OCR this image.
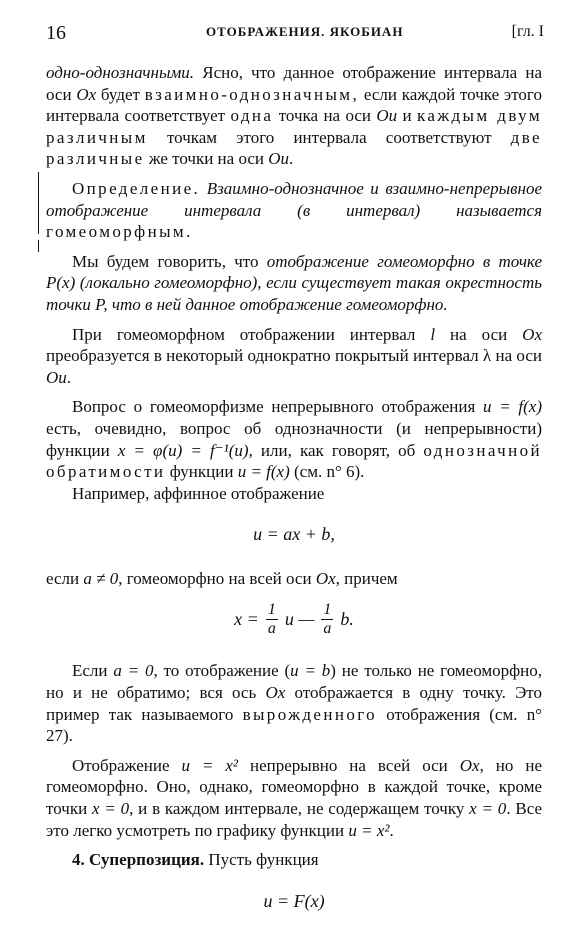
16	ОТОБРАЖЕНИЯ. ЯКОБИАН	[гл. I

одно-однозначными. Ясно, что данное отображение интервала на оси Ox будет взаимно-однозначным, если каждой точке этого интервала соответствует одна точка на оси Ou и каждым двум различным точкам этого интервала соответствуют две различные же точки на оси Ou.

Определение. Взаимно-однозначное и взаимно-непрерывное отображение интервала (в интервал) называется гомеоморфным.

Мы будем говорить, что отображение гомеоморфно в точке P(x) (локально гомеоморфно), если существует такая окрестность точки P, что в ней данное отображение гомеоморфно.

При гомеоморфном отображении интервал l на оси Ox преобразуется в некоторый однократно покрытый интервал λ на оси Ou.

Вопрос о гомеоморфизме непрерывного отображения u = f(x) есть, очевидно, вопрос об однозначности (и непрерывности) функции x = φ(u) = f⁻¹(u), или, как говорят, об однозначной обратимости функции u = f(x) (см. n° 6).

Например, аффинное отображение

u = ax + b,

если a ≠ 0, гомеоморфно на всей оси Ox, причем

$x = \frac{1}{a}$ u — $\frac{1}{a} b$.

Если a = 0, то отображение (u = b) не только не гомеоморфно, но и не обратимо; вся ось Ox отображается в одну точку. Это пример так называемого вырожденного отображения (см. n° 27).

Отображение u = x² непрерывно на всей оси Ox, но не гомеоморфно. Оно, однако, гомеоморфно в каждой точке, кроме точки x = 0, и в каждом интервале, не содержащем точку x = 0. Все это легко усмотреть по графику функции u = x².

4. Суперпозиция. Пусть функция

u = F(x)
